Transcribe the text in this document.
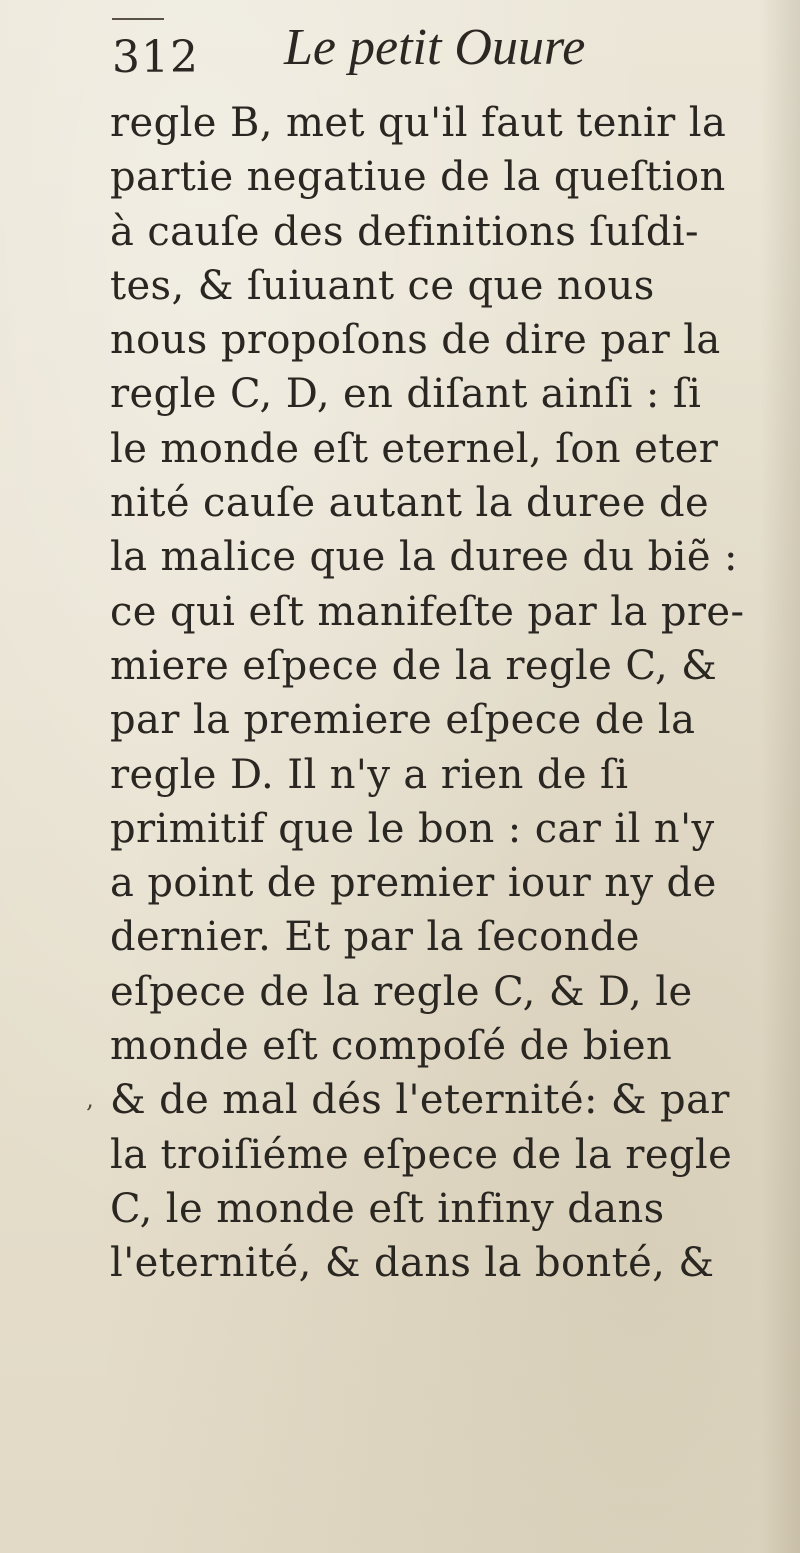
312 Le petit Ouure
‚
regle B, met qu'il faut tenir la
partie negatiue de la queſtion
à cauſe des definitions ſuſdi-
tes, & ſuiuant ce que nous
nous propoſons de dire par la
regle C, D, en diſant ainſi : ſi
le monde eſt eternel, ſon eter
nité cauſe autant la duree de
la malice que la duree du biẽ :
ce qui eſt manifeſte par la pre-
miere eſpece de la regle C, &
par la premiere eſpece de la
regle D. Il n'y a rien de ſi
primitif que le bon : car il n'y
a point de premier iour ny de
dernier. Et par la ſeconde
eſpece de la regle C, & D, le
monde eſt compoſé de bien
& de mal dés l'eternité: & par
la troiſiéme eſpece de la regle
C, le monde eſt infiny dans
l'eternité, & dans la bonté, &
